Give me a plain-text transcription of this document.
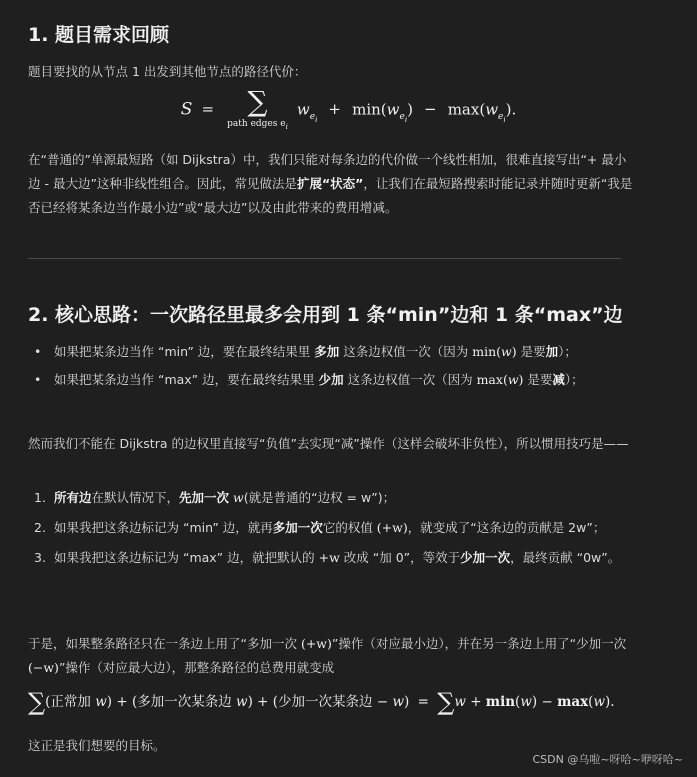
1. 题目需求回顾
题目要找的从节点 1 出发到其他节点的路径代价：
S =	∑
path edges $e_i$
$w_{e_i} + \min(w_{e_i}) - \max(w_{e_i})$.
在“普通的”单源最短路（如 Dijkstra）中，我们只能对每条边的代价做一个线性相加，很难直接写出“+ 最小边 - 最大边”这种非线性组合。因此，常见做法是扩展“状态”，让我们在最短路搜索时能记录并随时更新“我是否已经将某条边当作最小边”或“最大边”以及由此带来的费用增减。
2. 核心思路：一次路径里最多会用到 1 条“min”边和 1 条“max”边
• 如果把某条边当作 “min” 边，要在最终结果里 多加 这条边权值一次（因为 min(w) 是要加）；
• 如果把某条边当作 “max” 边，要在最终结果里 少加 这条边权值一次（因为 max(w) 是要减）；
然而我们不能在 Dijkstra 的边权里直接写“负值”去实现“减”操作（这样会破坏非负性），所以惯用技巧是——
1. 所有边在默认情况下，先加一次 w(就是普通的“边权 = w”)；
2. 如果我把这条边标记为 “min” 边，就再多加一次它的权值 (+w)，就变成了“这条边的贡献是 2w”；
3. 如果我把这条边标记为 “max” 边，就把默认的 +w 改成 “加 0”，等效于少加一次，最终贡献 “0w”。
于是，如果整条路径只在一条边上用了“多加一次 (+w)”操作（对应最小边），并在另一条边上用了“少加一次 (−w)”操作（对应最大边），那整条路径的总费用就变成
∑(正常加 w) + (多加一次某条边 w) + (少加一次某条边 − w) = ∑w + min(w) − max(w).
这正是我们想要的目标。
CSDN @乌啦~呀哈~咿呀哈~
